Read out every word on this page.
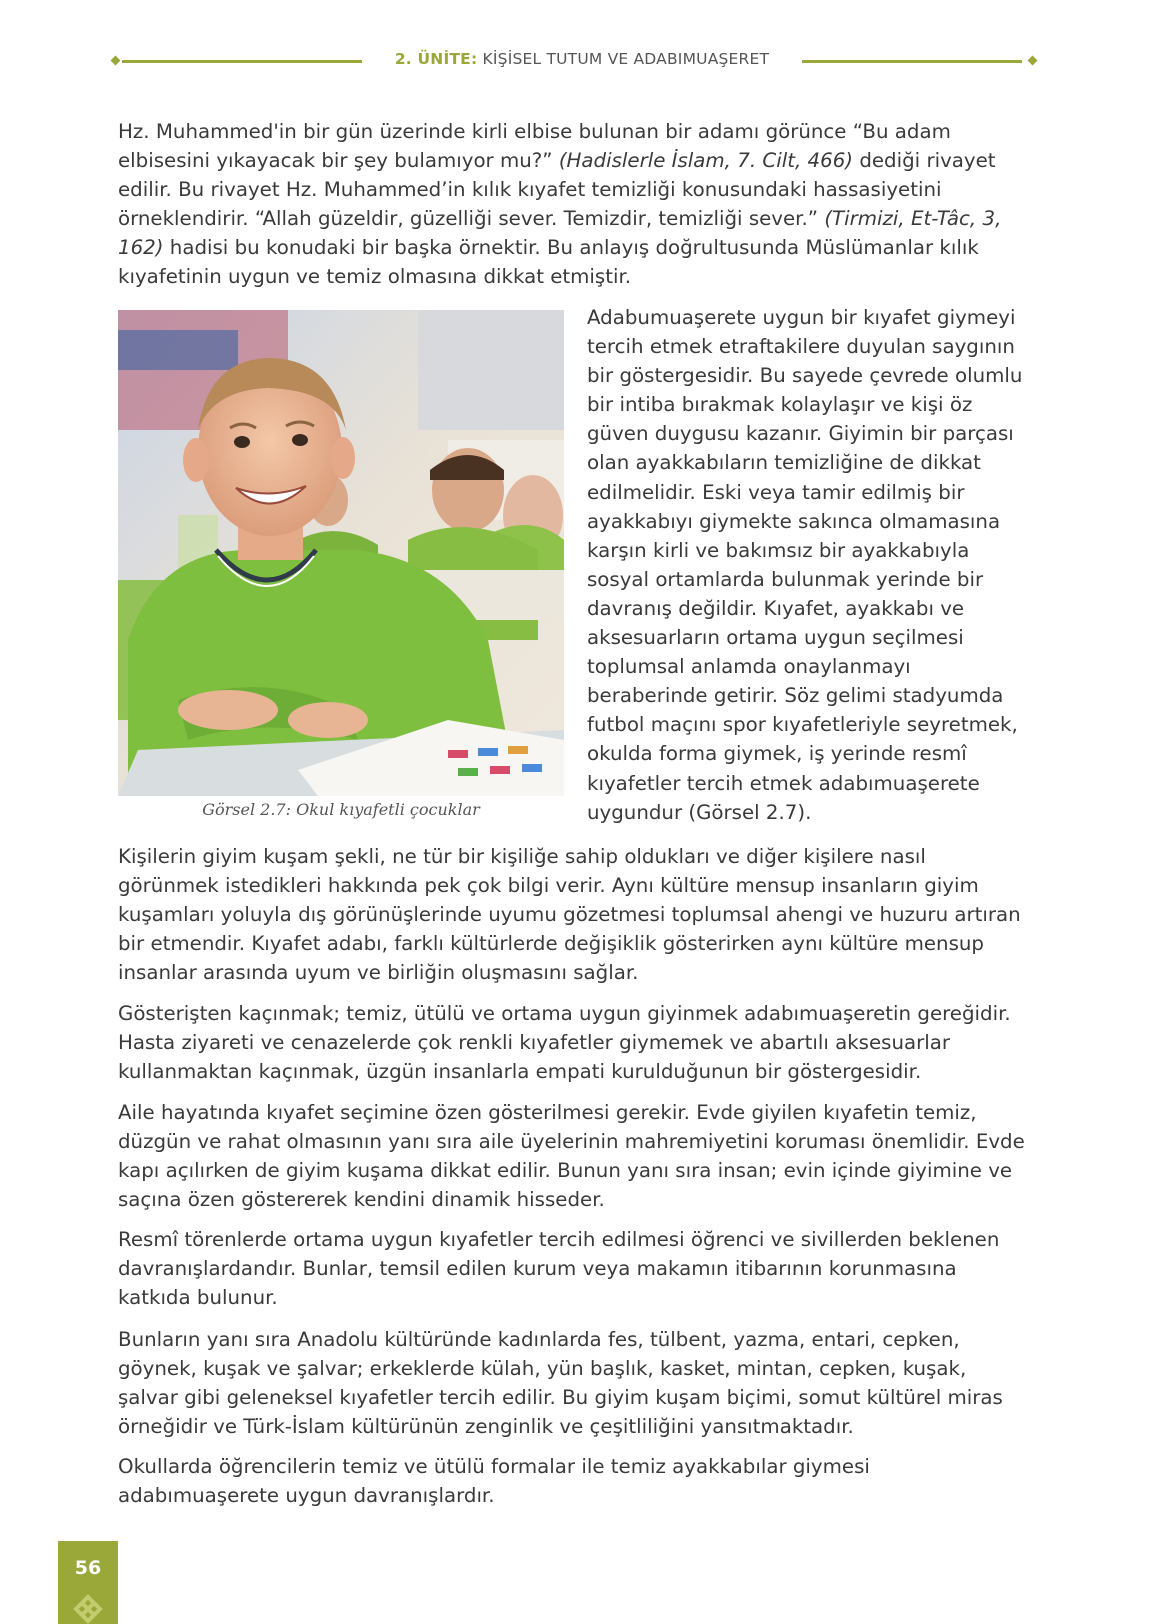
2. ÜNİTE: KİŞİSEL TUTUM VE ADABIMUAŞERET

Hz. Muhammed'in bir gün üzerinde kirli elbise bulunan bir adamı görünce “Bu adam elbisesini yıkayacak bir şey bulamıyor mu?” (Hadislerle İslam, 7. Cilt, 466) dediği rivayet edilir. Bu rivayet Hz. Muhammed’in kılık kıyafet temizliği konusundaki hassasiyetini örneklendirir. “Allah güzeldir, güzelliği sever. Temizdir, temizliği sever.” (Tirmizi, Et-Tâc, 3, 162) hadisi bu konudaki bir başka örnektir. Bu anlayış doğrultusunda Müslümanlar kılık kıyafetinin uygun ve temiz olmasına dikkat etmiştir.

Görsel 2.7: Okul kıyafetli çocuklar

Adabumuaşerete uygun bir kıyafet giymeyi tercih etmek etraftakilere duyulan saygının bir göstergesidir. Bu sayede çevrede olumlu bir intiba bırakmak kolaylaşır ve kişi öz güven duygusu kazanır. Giyimin bir parçası olan ayakkabıların temizliğine de dikkat edilmelidir. Eski veya tamir edilmiş bir ayakkabıyı giymekte sakınca olmamasına karşın kirli ve bakımsız bir ayakkabıyla sosyal ortamlarda bulunmak yerinde bir davranış değildir. Kıyafet, ayakkabı ve aksesuarların ortama uygun seçilmesi toplumsal anlamda onaylanmayı beraberinde getirir. Söz gelimi stadyumda futbol maçını spor kıyafetleriyle seyretmek, okulda forma giymek, iş yerinde resmî kıyafetler tercih etmek adabımuaşerete uygundur (Görsel 2.7).

Kişilerin giyim kuşam şekli, ne tür bir kişiliğe sahip oldukları ve diğer kişilere nasıl görünmek istedikleri hakkında pek çok bilgi verir. Aynı kültüre mensup insanların giyim kuşamları yoluyla dış görünüşlerinde uyumu gözetmesi toplumsal ahengi ve huzuru artıran bir etmendir. Kıyafet adabı, farklı kültürlerde değişiklik gösterirken aynı kültüre mensup insanlar arasında uyum ve birliğin oluşmasını sağlar.

Gösterişten kaçınmak; temiz, ütülü ve ortama uygun giyinmek adabımuaşeretin gereğidir. Hasta ziyareti ve cenazelerde çok renkli kıyafetler giymemek ve abartılı aksesuarlar kullanmaktan kaçınmak, üzgün insanlarla empati kurulduğunun bir göstergesidir.

Aile hayatında kıyafet seçimine özen gösterilmesi gerekir. Evde giyilen kıyafetin temiz, düzgün ve rahat olmasının yanı sıra aile üyelerinin mahremiyetini koruması önemlidir. Evde kapı açılırken de giyim kuşama dikkat edilir. Bunun yanı sıra insan; evin içinde giyimine ve saçına özen göstererek kendini dinamik hisseder.

Resmî törenlerde ortama uygun kıyafetler tercih edilmesi öğrenci ve sivillerden beklenen davranışlardandır. Bunlar, temsil edilen kurum veya makamın itibarının korunmasına katkıda bulunur.

Bunların yanı sıra Anadolu kültüründe kadınlarda fes, tülbent, yazma, entari, cepken, göynek, kuşak ve şalvar; erkeklerde külah, yün başlık, kasket, mintan, cepken, kuşak, şalvar gibi geleneksel kıyafetler tercih edilir. Bu giyim kuşam biçimi, somut kültürel miras örneğidir ve Türk-İslam kültürünün zenginlik ve çeşitliliğini yansıtmaktadır.

Okullarda öğrencilerin temiz ve ütülü formalar ile temiz ayakkabılar giymesi adabımuaşerete uygun davranışlardır.

56
